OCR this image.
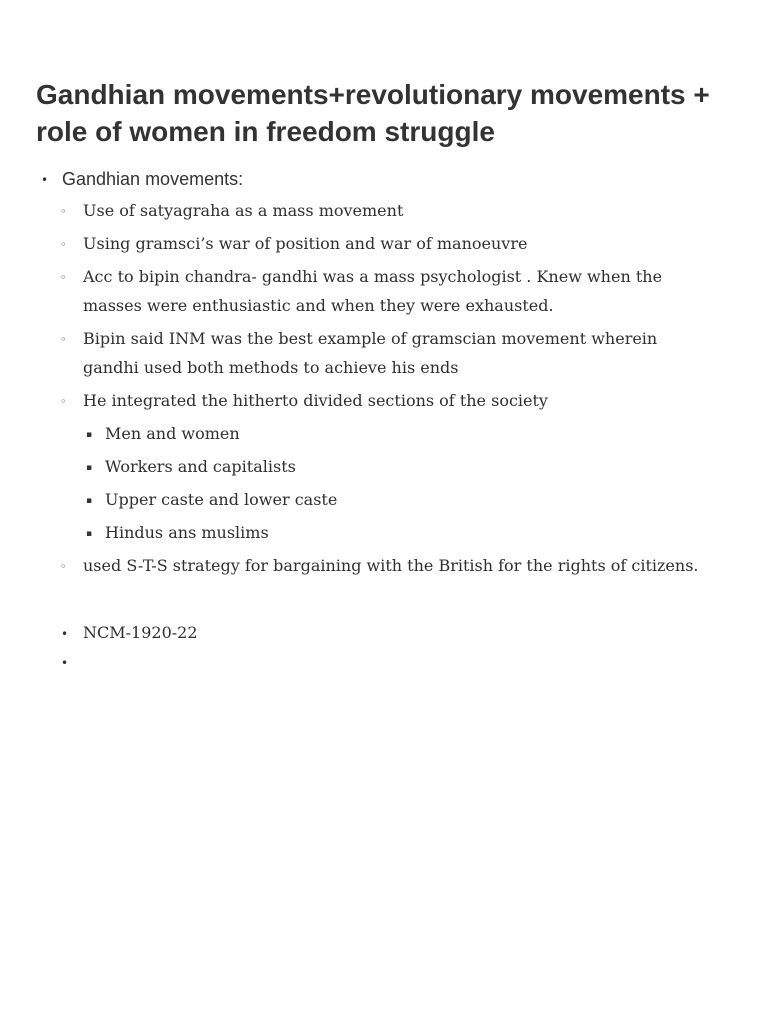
Gandhian movements+revolutionary movements + role of women in freedom struggle
• Gandhian movements:

◦ Use of satyagraha as a mass movement

◦ Using gramsci’s war of position and war of manoeuvre

◦ Acc to bipin chandra- gandhi was a mass psychologist . Knew when the

masses were enthusiastic and when they were exhausted.

◦ Bipin said INM was the best example of gramscian movement wherein

gandhi used both methods to achieve his ends

◦ He integrated the hitherto divided sections of the society

▪ Men and women

▪ Workers and capitalists

▪ Upper caste and lower caste

▪ Hindus ans muslims

◦ used S-T-S strategy for bargaining with the British for the rights of citizens.

• NCM-1920-22

•
